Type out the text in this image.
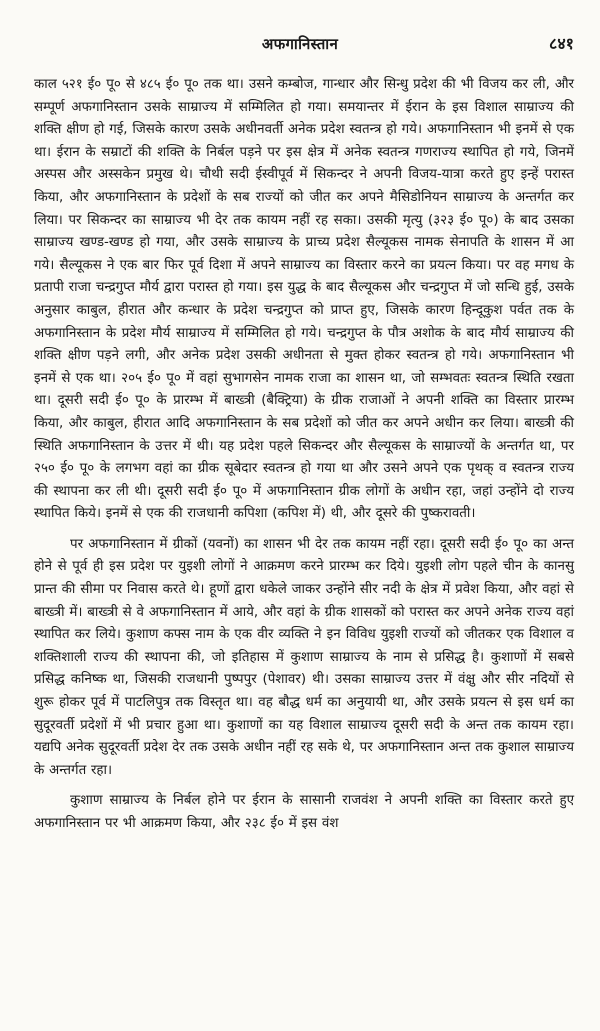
अफगानिस्तान	८४१

काल ५२१ ई० पू० से ४८५ ई० पू० तक था। उसने कम्बोज, गान्धार और सिन्धु प्रदेश की भी विजय कर ली, और सम्पूर्ण अफगानिस्तान उसके साम्राज्य में सम्मिलित हो गया। समयान्तर में ईरान के इस विशाल साम्राज्य की शक्ति क्षीण हो गई, जिसके कारण उसके अधीनवर्ती अनेक प्रदेश स्वतन्त्र हो गये। अफगानिस्तान भी इनमें से एक था। ईरान के सम्राटों की शक्ति के निर्बल पड़ने पर इस क्षेत्र में अनेक स्वतन्त्र गणराज्य स्थापित हो गये, जिनमें अस्पस और अस्सकेन प्रमुख थे। चौथी सदी ईस्वीपूर्व में सिकन्दर ने अपनी विजय-यात्रा करते हुए इन्हें परास्त किया, और अफगानिस्तान के प्रदेशों के सब राज्यों को जीत कर अपने मैसिडोनियन साम्राज्य के अन्तर्गत कर लिया। पर सिकन्दर का साम्राज्य भी देर तक कायम नहीं रह सका। उसकी मृत्यु (३२३ ई० पू०) के बाद उसका साम्राज्य खण्ड-खण्ड हो गया, और उसके साम्राज्य के प्राच्य प्रदेश सैल्यूकस नामक सेनापति के शासन में आ गये। सैल्यूकस ने एक बार फिर पूर्व दिशा में अपने साम्राज्य का विस्तार करने का प्रयत्न किया। पर वह मगध के प्रतापी राजा चन्द्रगुप्त मौर्य द्वारा परास्त हो गया। इस युद्ध के बाद सैल्यूकस और चन्द्रगुप्त में जो सन्धि हुई, उसके अनुसार काबुल, हीरात और कन्धार के प्रदेश चन्द्रगुप्त को प्राप्त हुए, जिसके कारण हिन्दूकुश पर्वत तक के अफगानिस्तान के प्रदेश मौर्य साम्राज्य में सम्मिलित हो गये। चन्द्रगुप्त के पौत्र अशोक के बाद मौर्य साम्राज्य की शक्ति क्षीण पड़ने लगी, और अनेक प्रदेश उसकी अधीनता से मुक्त होकर स्वतन्त्र हो गये। अफगानिस्तान भी इनमें से एक था। २०५ ई० पू० में वहां सुभागसेन नामक राजा का शासन था, जो सम्भवतः स्वतन्त्र स्थिति रखता था। दूसरी सदी ई० पू० के प्रारम्भ में बाख्त्री (बैक्ट्रिया) के ग्रीक राजाओं ने अपनी शक्ति का विस्तार प्रारम्भ किया, और काबुल, हीरात आदि अफगानिस्तान के सब प्रदेशों को जीत कर अपने अधीन कर लिया। बाख्त्री की स्थिति अफगानिस्तान के उत्तर में थी। यह प्रदेश पहले सिकन्दर और सैल्यूकस के साम्राज्यों के अन्तर्गत था, पर २५० ई० पू० के लगभग वहां का ग्रीक सूबेदार स्वतन्त्र हो गया था और उसने अपने एक पृथक् व स्वतन्त्र राज्य की स्थापना कर ली थी। दूसरी सदी ई० पू० में अफगानिस्तान ग्रीक लोगों के अधीन रहा, जहां उन्होंने दो राज्य स्थापित किये। इनमें से एक की राजधानी कपिशा (कपिश में) थी, और दूसरे की पुष्करावती।

पर अफगानिस्तान में ग्रीकों (यवनों) का शासन भी देर तक कायम नहीं रहा। दूसरी सदी ई० पू० का अन्त होने से पूर्व ही इस प्रदेश पर युइशी लोगों ने आक्रमण करने प्रारम्भ कर दिये। युइशी लोग पहले चीन के कानसु प्रान्त की सीमा पर निवास करते थे। हूणों द्वारा धकेले जाकर उन्होंने सीर नदी के क्षेत्र में प्रवेश किया, और वहां से बाख्त्री में। बाख्त्री से वे अफगानिस्तान में आये, और वहां के ग्रीक शासकों को परास्त कर अपने अनेक राज्य वहां स्थापित कर लिये। कुशाण कफ्स नाम के एक वीर व्यक्ति ने इन विविध युइशी राज्यों को जीतकर एक विशाल व शक्तिशाली राज्य की स्थापना की, जो इतिहास में कुशाण साम्राज्य के नाम से प्रसिद्ध है। कुशाणों में सबसे प्रसिद्ध कनिष्क था, जिसकी राजधानी पुष्पपुर (पेशावर) थी। उसका साम्राज्य उत्तर में वंक्षु और सीर नदियों से शुरू होकर पूर्व में पाटलिपुत्र तक विस्तृत था। वह बौद्ध धर्म का अनुयायी था, और उसके प्रयत्न से इस धर्म का सुदूरवर्ती प्रदेशों में भी प्रचार हुआ था। कुशाणों का यह विशाल साम्राज्य दूसरी सदी के अन्त तक कायम रहा। यद्यपि अनेक सुदूरवर्ती प्रदेश देर तक उसके अधीन नहीं रह सके थे, पर अफगानिस्तान अन्त तक कुशाल साम्राज्य के अन्तर्गत रहा।

कुशाण साम्राज्य के निर्बल होने पर ईरान के सासानी राजवंश ने अपनी शक्ति का विस्तार करते हुए अफगानिस्तान पर भी आक्रमण किया, और २३८ ई० में इस वंश
